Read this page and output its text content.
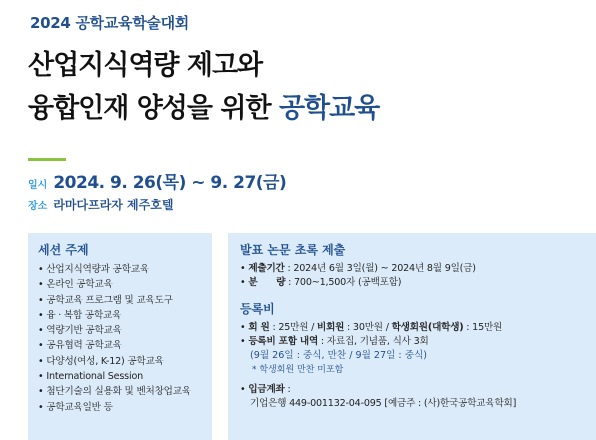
2024 공학교육학술대회
산업지식역량 제고와
융합인재 양성을 위한 공학교육
일시 2024. 9. 26(목) ~ 9. 27(금)
장소 라마다프라자 제주호텔
세션 주제
• 산업지식역량과 공학교육
• 온라인 공학교육
• 공학교육 프로그램 및 교육도구
• 융 · 복합 공학교육
• 역량기반 공학교육
• 공유협력 공학교육
• 다양성(여성, K-12) 공학교육
• International Session
• 첨단기술의 실용화 및 벤처창업교육
• 공학교육일반 등
발표 논문 초록 제출
• 제출기간 : 2024년 6월 3일(월) ~ 2024년 8월 9일(금)
• 분      량 : 700~1,500자 (공백포함)
등록비
• 회 원 : 25만원 / 비회원 : 30만원 / 학생회원(대학생) : 15만원
• 등록비 포함 내역 : 자료집, 기념품, 식사 3회
(9월 26일 : 중식, 만찬 / 9월 27일 : 중식)
* 학생회원 만찬 미포함
• 입금계좌 :
기업은행 449-001132-04-095 [예금주 : (사)한국공학교육학회]
